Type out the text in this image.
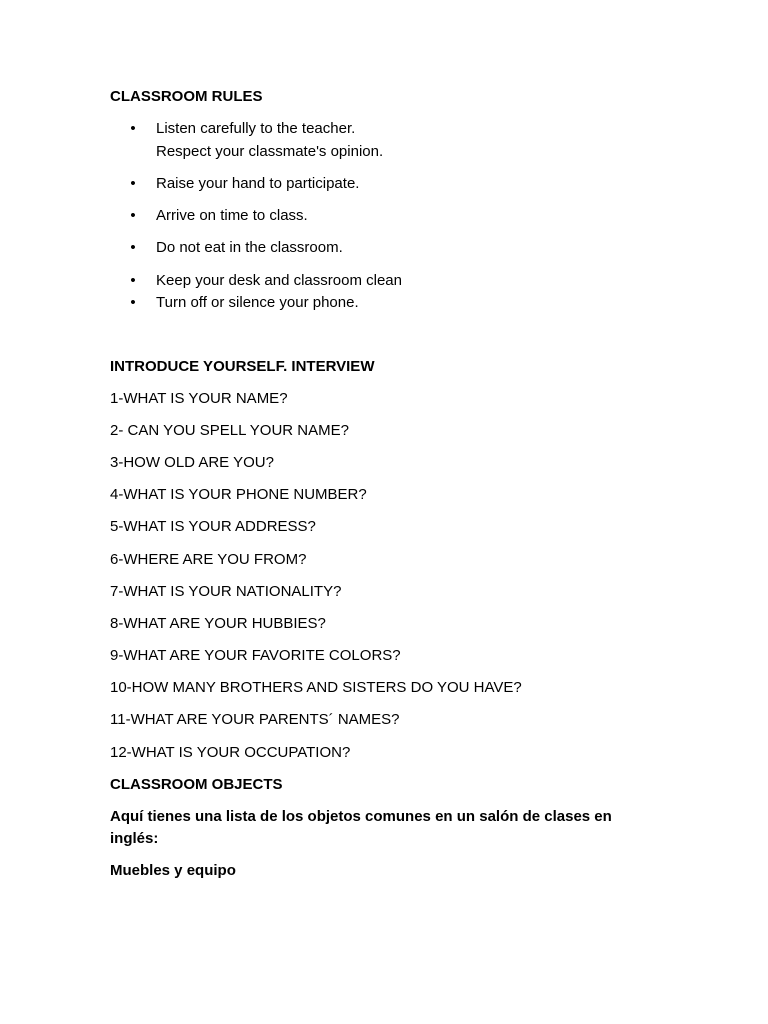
CLASSROOM RULES
• Listen carefully to the teacher.
Respect your classmate's opinion.
• Raise your hand to participate.
• Arrive on time to class.
• Do not eat in the classroom.
• Keep your desk and classroom clean
• Turn off or silence your phone.
INTRODUCE YOURSELF. INTERVIEW
1-WHAT IS YOUR NAME?
2- CAN YOU SPELL YOUR NAME?
3-HOW OLD ARE YOU?
4-WHAT IS YOUR PHONE NUMBER?
5-WHAT IS YOUR ADDRESS?
6-WHERE ARE YOU FROM?
7-WHAT IS YOUR NATIONALITY?
8-WHAT ARE YOUR HUBBIES?
9-WHAT ARE YOUR FAVORITE COLORS?
10-HOW MANY BROTHERS AND SISTERS DO YOU HAVE?
11-WHAT ARE YOUR PARENTS´ NAMES?
12-WHAT IS YOUR OCCUPATION?
CLASSROOM OBJECTS
Aquí tienes una lista de los objetos comunes en un salón de clases en inglés:
Muebles y equipo
